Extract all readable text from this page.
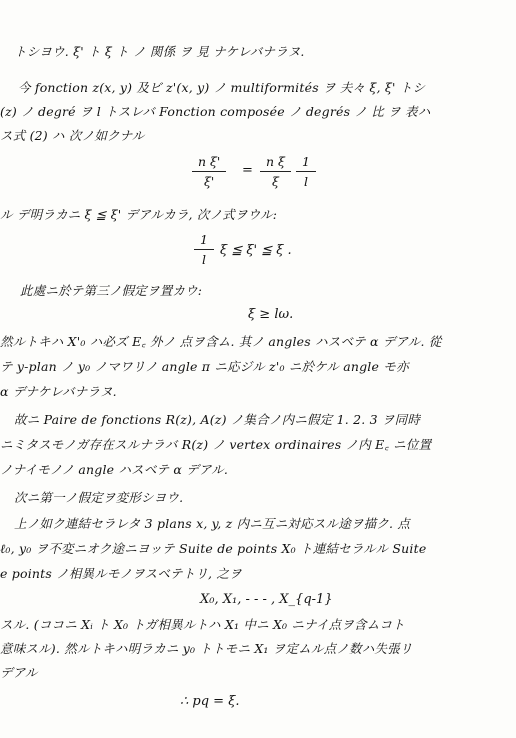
トシヨウ. ξ' ト ξ ト ノ 関係 ヲ 見 ナケレバナラヌ.
今 fonction z(x, y) 及ビ z'(x, y) ノ multiformités ヲ 夫々 ξ, ξ' トシ
(z) ノ degré ヲ l トスレバ Fonction composée ノ degrés ノ 比 ヲ 表ハ
ス式 (2) ハ 次ノ如クナル
$\frac{\text{n ξ'}}{\xi'} = \frac{\text{n ξ}}{\xi} \frac{1}{l}$
ル デ明ラカニ ξ ≦ ξ' デアルカラ, 次ノ式ヲウル:
$\frac{1}{l}$ ξ ≦ ξ' ≦ ξ .
此處ニ於テ第三ノ假定ヲ置カウ:
ξ ≥ lω.
然ルトキハ X'₀ ハ必ズ E꜀ 外ノ 点ヲ含ム. 其ノ angles ハスベテ α デアル. 從
テ y-plan ノ y₀ ノマワリノ angle π ニ応ジル z'₀ ニ於ケル angle モ亦
α デナケレバナラヌ.
故ニ Paire de fonctions R(z), A(z) ノ集合ノ内ニ假定 1. 2. 3 ヲ同時
ニミタスモノガ存在スルナラバ R(z) ノ vertex ordinaires ノ内 E꜀ ニ位置
ノナイモノノ angle ハスベテ α デアル.
次ニ第一ノ假定ヲ変形シヨウ.
上ノ如ク連結セラレタ 3 plans x, y, z 内ニ互ニ対応スル途ヲ描ク. 点
ℓ₀, y₀ ヲ不変ニオク途ニヨッテ Suite de points X₀ ト連結セラルル Suite
e points ノ相異ルモノヲスベテトリ, 之ヲ
X₀, X₁, - - - , X_{q-1}
スル. (ココニ Xᵢ ト X₀ トガ相異ルトハ X₁ 中ニ X₀ ニナイ点ヲ含ムコト
意味スル). 然ルトキハ明ラカニ y₀ トトモニ X₁ ヲ定ムル点ノ数ハ失張リ
デアル
∴ pq = ξ.
